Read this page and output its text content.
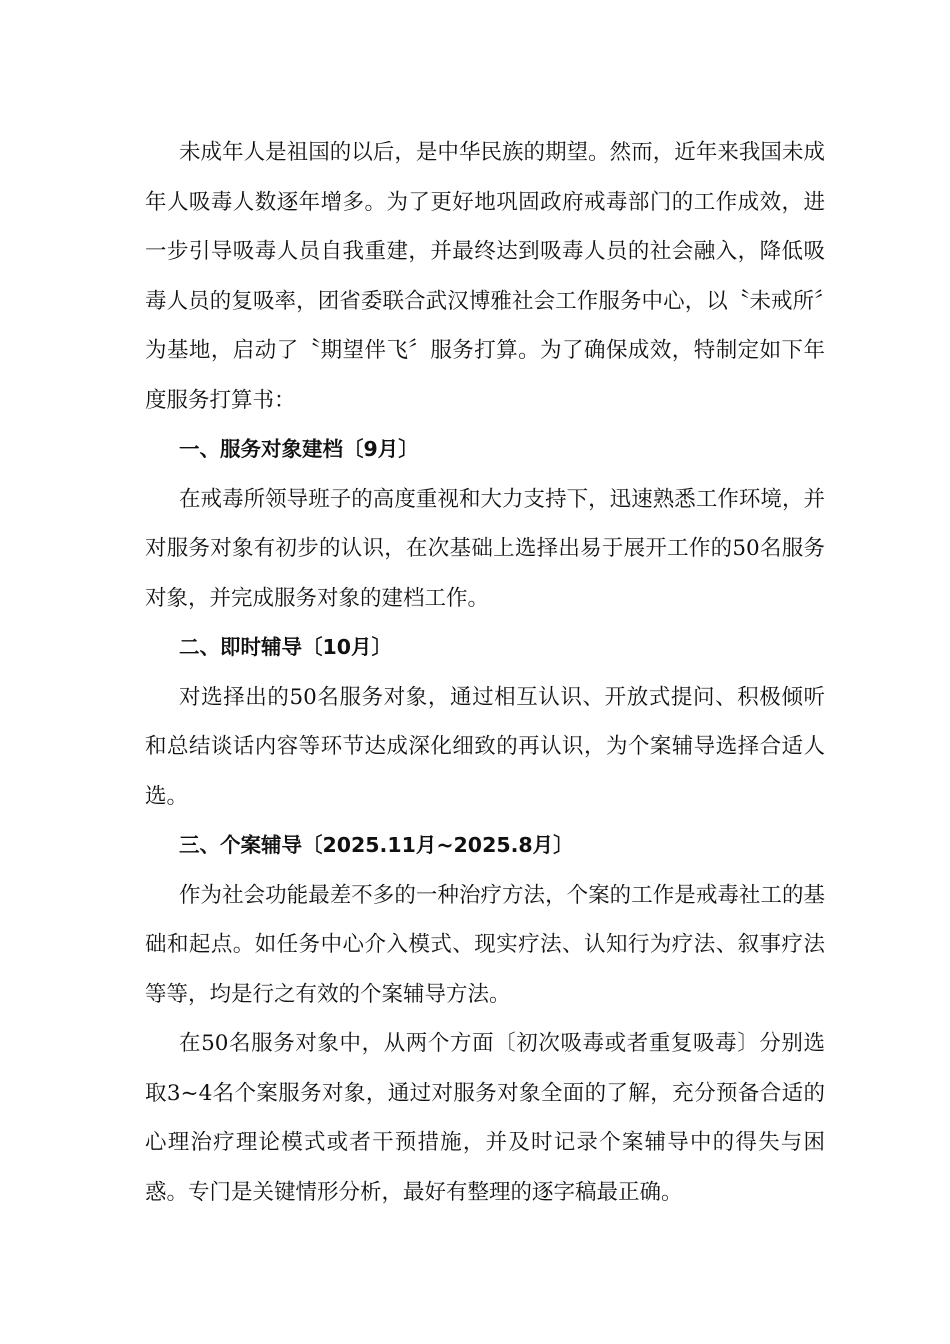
未成年人是祖国的以后，是中华民族的期望。然而，近年来我国未成年人吸毒人数逐年增多。为了更好地巩固政府戒毒部门的工作成效，进一步引导吸毒人员自我重建，并最终达到吸毒人员的社会融入，降低吸毒人员的复吸率，团省委联合武汉博雅社会工作服务中心，以〝未戒所〞为基地，启动了〝期望伴飞〞服务打算。为了确保成效，特制定如下年度服务打算书：

一、服务对象建档〔9月〕

在戒毒所领导班子的高度重视和大力支持下，迅速熟悉工作环境，并对服务对象有初步的认识，在次基础上选择出易于展开工作的50名服务对象，并完成服务对象的建档工作。

二、即时辅导〔10月〕

对选择出的50名服务对象，通过相互认识、开放式提问、积极倾听和总结谈话内容等环节达成深化细致的再认识，为个案辅导选择合适人选。

三、个案辅导〔2025.11月~2025.8月〕

作为社会功能最差不多的一种治疗方法，个案的工作是戒毒社工的基础和起点。如任务中心介入模式、现实疗法、认知行为疗法、叙事疗法等等，均是行之有效的个案辅导方法。

在50名服务对象中，从两个方面〔初次吸毒或者重复吸毒〕分别选取3~4名个案服务对象，通过对服务对象全面的了解，充分预备合适的心理治疗理论模式或者干预措施，并及时记录个案辅导中的得失与困惑。专门是关键情形分析，最好有整理的逐字稿最正确。
